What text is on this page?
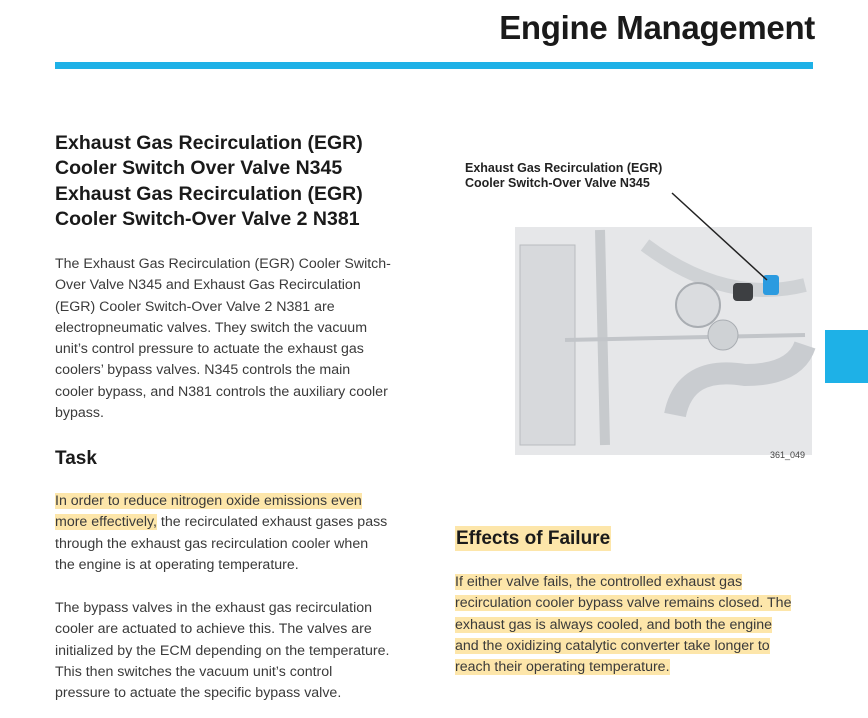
Engine Management
Exhaust Gas Recirculation (EGR)
Cooler Switch Over Valve N345
Exhaust Gas Recirculation (EGR)
Cooler Switch-Over Valve 2 N381
The Exhaust Gas Recirculation (EGR) Cooler Switch-
Over Valve N345 and Exhaust Gas Recirculation
(EGR) Cooler Switch-Over Valve 2 N381 are
electropneumatic valves. They switch the vacuum
unit’s control pressure to actuate the exhaust gas
coolers’ bypass valves. N345 controls the main
cooler bypass, and N381 controls the auxiliary cooler
bypass.
Task
In order to reduce nitrogen oxide emissions even
more effectively, the recirculated exhaust gases pass
through the exhaust gas recirculation cooler when
the engine is at operating temperature.
The bypass valves in the exhaust gas recirculation
cooler are actuated to achieve this. The valves are
initialized by the ECM depending on the temperature.
This then switches the vacuum unit’s control
pressure to actuate the specific bypass valve.
Exhaust Gas Recirculation (EGR)
Cooler Switch-Over Valve N345
361_049
Effects of Failure
If either valve fails, the controlled exhaust gas
recirculation cooler bypass valve remains closed. The
exhaust gas is always cooled, and both the engine
and the oxidizing catalytic converter take longer to
reach their operating temperature.
